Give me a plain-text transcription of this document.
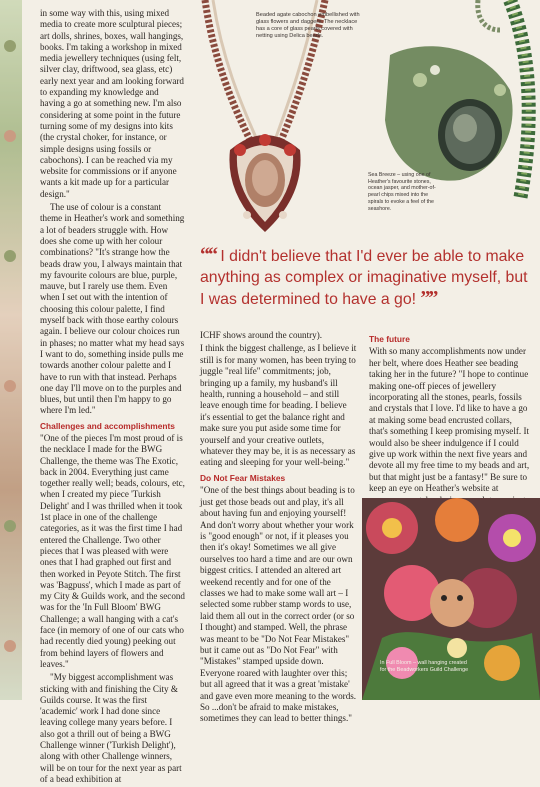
in some way with this, using mixed media to create more sculptural pieces; art dolls, shrines, boxes, wall hangings, books. I'm taking a workshop in mixed media jewellery techniques (using felt, silver clay, driftwood, sea glass, etc) early next year and am looking forward to expanding my knowledge and having a go at something new. I'm also considering at some point in the future turning some of my designs into kits (the crystal choker, for instance, or simple designs using fossils or cabochons). I can be reached via my website for commissions or if anyone wants a kit made up for a particular design."

The use of colour is a constant theme in Heather's work and something a lot of beaders struggle with. How does she come up with her colour combinations? "It's strange how the beads draw you, I always maintain that my favourite colours are blue, purple, mauve, but I rarely use them. Even when I set out with the intention of choosing this colour palette, I find myself back with those earthy colours again. I believe our colour choices run in phases; no matter what my head says I want to do, something inside pulls me towards another colour palette and I have to run with that instead. Perhaps one day I'll move on to the purples and blues, but until then I'm happy to go where I'm led."

Challenges and accomplishments

"One of the pieces I'm most proud of is the necklace I made for the BWG Challenge, the theme was The Exotic, back in 2004. Everything just came together really well; beads, colours, etc, when I created my piece 'Turkish Delight' and I was thrilled when it took 1st place in one of the challenge categories, as it was the first time I had entered the Challenge. Two other pieces that I was pleased with were ones that I had graphed out first and then worked in Peyote Stitch. The first was 'Bagpuss', which I made as part of my City & Guilds work, and the second was for the 'In Full Bloom' BWG Challenge; a wall hanging with a cat's face (in memory of one of our cats who had recently died young) peeking out from behind layers of flowers and leaves."

"My biggest accomplishment was sticking with and finishing the City & Guilds course. It was the first 'academic' work I had done since leaving college many years before. I also got a thrill out of being a BWG Challenge winner ('Turkish Delight'), along with other Challenge winners, will be on tour for the next year as part of a bead exhibition at

Beaded agate cabochon embellished with glass flowers and daggers. The necklace has a core of glass pearls covered with netting using Delica beads.
Sea Breeze – using one of Heather's favourite stones, ocean jasper, and mother-of-pearl chips mixed into the spirals to evoke a feel of the seashore.
““ I didn't believe that I'd ever be able to make anything as complex or imaginative myself, but I was determined to have a go! ””

ICHF shows around the country).

I think the biggest challenge, as I believe it still is for many women, has been trying to juggle "real life" commitments; job, bringing up a family, my husband's ill health, running a household – and still leave enough time for beading. I believe it's essential to get the balance right and make sure you put aside some time for yourself and your creative outlets, whatever they may be, it is as necessary as eating and sleeping for your well-being."

Do Not Fear Mistakes

"One of the best things about beading is to just get those beads out and play, it's all about having fun and enjoying yourself! And don't worry about whether your work is "good enough" or not, if it pleases you then it's okay! Sometimes we all give ourselves too hard a time and are our own biggest critics. I attended an altered art weekend recently and for one of the classes we had to make some wall art – I selected some rubber stamp words to use, laid them all out in the correct order (or so I thought) and stamped. Well, the phrase was meant to be "Do Not Fear Mistakes" but it came out as "Do Not Fear" with "Mistakes" stamped upside down. Everyone roared with laughter over this; but all agreed that it was a great 'mistake' and gave even more meaning to the words. So ...don't be afraid to make mistakes, sometimes they can lead to better things."

The future

With so many accomplishments now under her belt, where does Heather see beading taking her in the future? "I hope to continue making one-off pieces of jewellery incorporating all the stones, pearls, fossils and crystals that I love. I'd like to have a go at making some bead encrusted collars, that's something I keep promising myself. It would also be sheer indulgence if I could give up work within the next five years and devote all my free time to my beads and art, but that might just be a fantasy!" Be sure to keep an eye on Heather's website at

In Full Bloom – wall hanging created for the Beadworkers Guild Challenge
